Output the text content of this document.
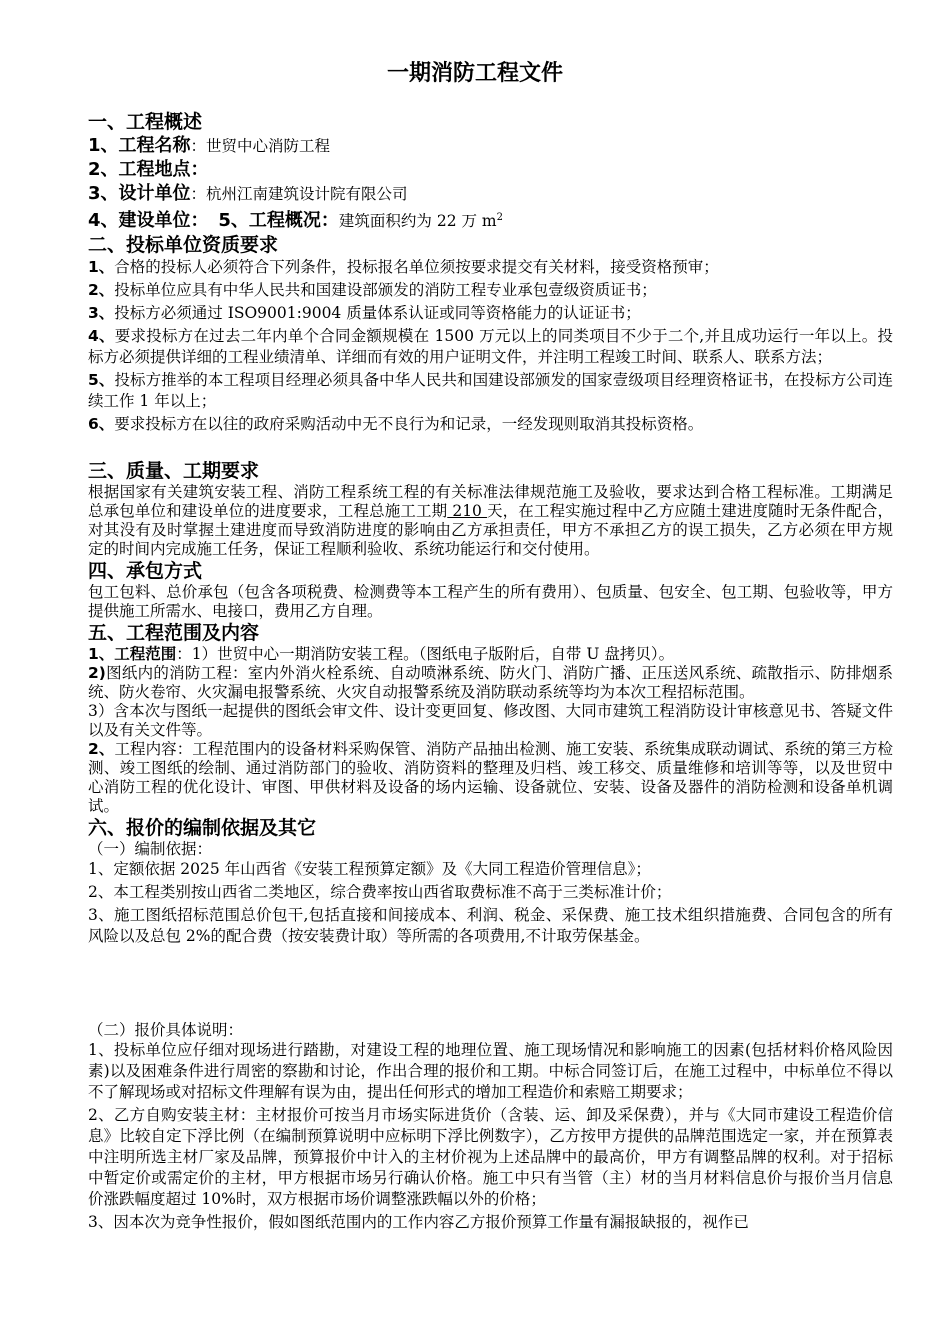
一期消防工程文件
一、工程概述
1、工程名称：世贸中心消防工程
2、工程地点：
3、设计单位：杭州江南建筑设计院有限公司
4、建设单位： 5、工程概况：建筑面积约为 22 万 $m^2$
二、投标单位资质要求
1、合格的投标人必须符合下列条件，投标报名单位须按要求提交有关材料，接受资格预审；
2、投标单位应具有中华人民共和国建设部颁发的消防工程专业承包壹级资质证书；
3、投标方必须通过 ISO9001:9004 质量体系认证或同等资格能力的认证证书；
4、要求投标方在过去二年内单个合同金额规模在 1500 万元以上的同类项目不少于二个,并且成功运行一年以上。投标方必须提供详细的工程业绩清单、详细而有效的用户证明文件，并注明工程竣工时间、联系人、联系方法；
5、投标方推举的本工程项目经理必须具备中华人民共和国建设部颁发的国家壹级项目经理资格证书，在投标方公司连续工作 1 年以上；
6、要求投标方在以往的政府采购活动中无不良行为和记录，一经发现则取消其投标资格。
三、质量、工期要求
根据国家有关建筑安装工程、消防工程系统工程的有关标准法律规范施工及验收，要求达到合格工程标准。工期满足总承包单位和建设单位的进度要求，工程总施工工期 210 天，在工程实施过程中乙方应随土建进度随时无条件配合，对其没有及时掌握土建进度而导致消防进度的影响由乙方承担责任，甲方不承担乙方的误工损失，乙方必须在甲方规定的时间内完成施工任务，保证工程顺利验收、系统功能运行和交付使用。
四、承包方式
包工包料、总价承包（包含各项税费、检测费等本工程产生的所有费用）、包质量、包安全、包工期、包验收等，甲方提供施工所需水、电接口，费用乙方自理。
五、工程范围及内容
1、工程范围：1）世贸中心一期消防安装工程。（图纸电子版附后，自带 U 盘拷贝）。
2)图纸内的消防工程：室内外消火栓系统、自动喷淋系统、防火门、消防广播、正压送风系统、疏散指示、防排烟系统、防火卷帘、火灾漏电报警系统、火灾自动报警系统及消防联动系统等均为本次工程招标范围。
3）含本次与图纸一起提供的图纸会审文件、设计变更回复、修改图、大同市建筑工程消防设计审核意见书、答疑文件以及有关文件等。
2、工程内容：工程范围内的设备材料采购保管、消防产品抽出检测、施工安装、系统集成联动调试、系统的第三方检测、竣工图纸的绘制、通过消防部门的验收、消防资料的整理及归档、竣工移交、质量维修和培训等等，以及世贸中心消防工程的优化设计、审图、甲供材料及设备的场内运输、设备就位、安装、设备及器件的消防检测和设备单机调试。
六、报价的编制依据及其它
（一）编制依据：
1、定额依据 2025 年山西省《安装工程预算定额》及《大同工程造价管理信息》；
2、本工程类别按山西省二类地区，综合费率按山西省取费标准不高于三类标准计价；
3、施工图纸招标范围总价包干,包括直接和间接成本、利润、税金、采保费、施工技术组织措施费、合同包含的所有风险以及总包 2%的配合费（按安装费计取）等所需的各项费用,不计取劳保基金。
（二）报价具体说明：
1、投标单位应仔细对现场进行踏勘，对建设工程的地理位置、施工现场情况和影响施工的因素(包括材料价格风险因素)以及困难条件进行周密的察勘和讨论，作出合理的报价和工期。中标合同签订后，在施工过程中，中标单位不得以不了解现场或对招标文件理解有误为由，提出任何形式的增加工程造价和索赔工期要求；
2、乙方自购安装主材：主材报价可按当月市场实际进货价（含装、运、卸及采保费），并与《大同市建设工程造价信息》比较自定下浮比例（在编制预算说明中应标明下浮比例数字），乙方按甲方提供的品牌范围选定一家，并在预算表中注明所选主材厂家及品牌，预算报价中计入的主材价视为上述品牌中的最高价，甲方有调整品牌的权利。对于招标中暂定价或需定价的主材，甲方根据市场另行确认价格。施工中只有当管（主）材的当月材料信息价与报价当月信息价涨跌幅度超过 10%时，双方根据市场价调整涨跌幅以外的价格；
3、因本次为竞争性报价，假如图纸范围内的工作内容乙方报价预算工作量有漏报缺报的，视作已
